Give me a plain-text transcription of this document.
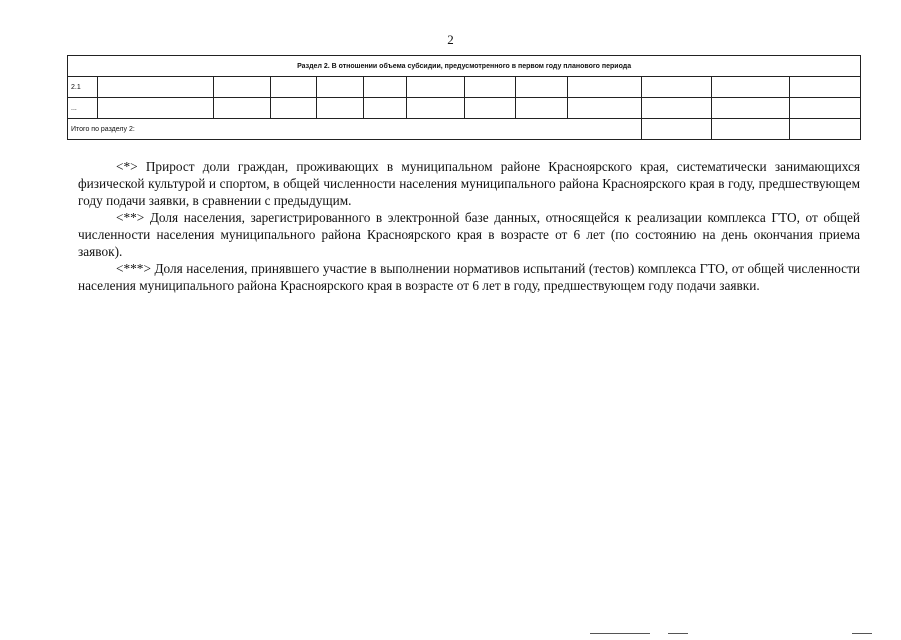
2
Раздел 2. В отношении объема субсидии, предусмотренного в первом году планового периода												
2.1												
...												
Итого по разделу 2:												

<*> Прирост доли граждан, проживающих в муниципальном районе Красноярского края, систематически занимающихся физической культурой и спортом, в общей численности населения муниципального района Красноярского края в году, предшествующем году подачи заявки, в сравнении с предыдущим.

<**> Доля населения, зарегистрированного в электронной базе данных, относящейся к реализации комплекса ГТО, от общей численности населения муниципального района Красноярского края в возрасте от 6 лет (по состоянию на день окончания приема заявок).

<***> Доля населения, принявшего участие в выполнении нормативов испытаний (тестов) комплекса ГТО, от общей численности населения муниципального района Красноярского края в возрасте от 6 лет в году, предшествующем году подачи заявки.
